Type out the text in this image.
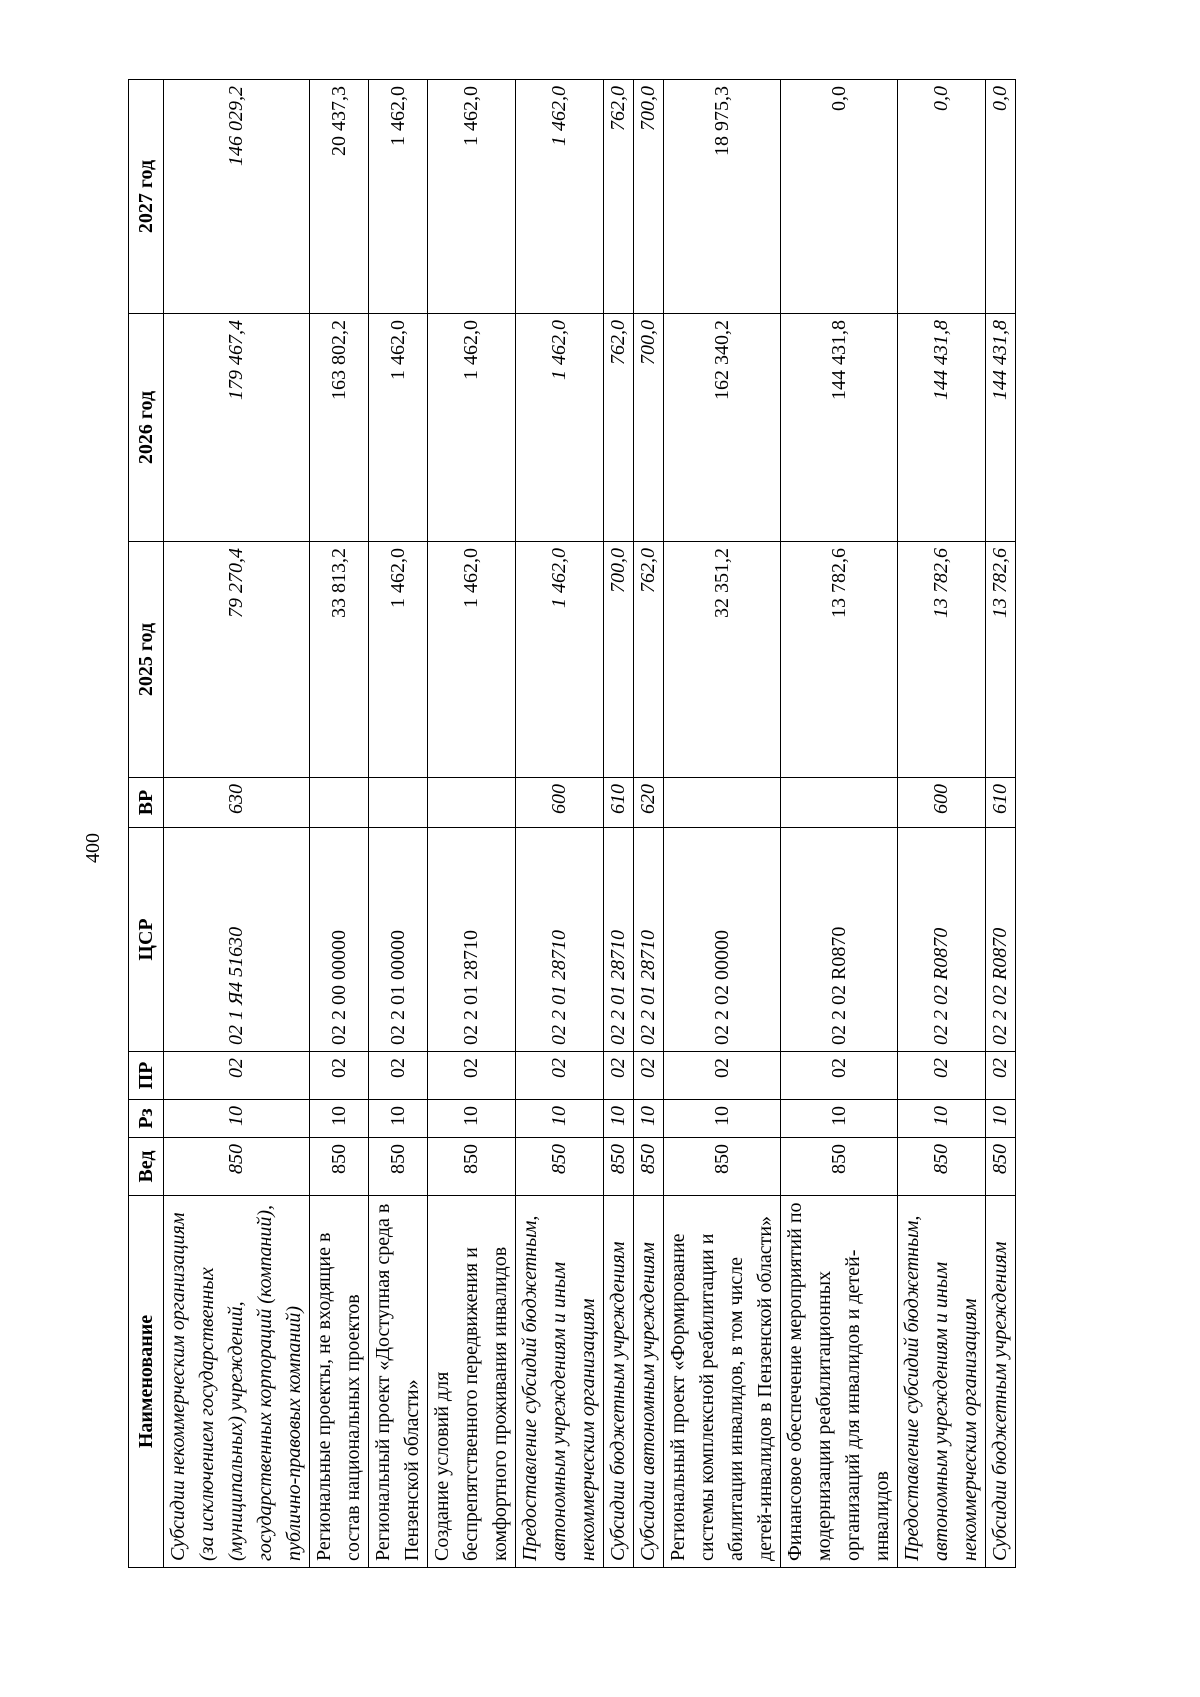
400
Наименование	Вед	Рз	ПР	ЦСР	ВР	2025 год	2026 год	2027 год
Субсидии некоммерческим организациям (за исключением государственных (муниципальных) учреждений, государственных корпораций (компаний), публично-правовых компаний)	850	10	02	02 1 Я4 51630	630	79 270,4	179 467,4	146 029,2
Региональные проекты, не входящие в состав национальных проектов	850	10	02	02 2 00 00000		33 813,2	163 802,2	20 437,3
Региональный проект «Доступная среда в Пензенской области»	850	10	02	02 2 01 00000		1 462,0	1 462,0	1 462,0
Создание условий для беспрепятственного передвижения и комфортного проживания инвалидов	850	10	02	02 2 01 28710		1 462,0	1 462,0	1 462,0
Предоставление субсидий бюджетным, автономным учреждениям и иным некоммерческим организациям	850	10	02	02 2 01 28710	600	1 462,0	1 462,0	1 462,0
Субсидии бюджетным учреждениям	850	10	02	02 2 01 28710	610	700,0	762,0	762,0
Субсидии автономным учреждениям	850	10	02	02 2 01 28710	620	762,0	700,0	700,0
Региональный проект «Формирование системы комплексной реабилитации и абилитации инвалидов, в том числе детей-инвалидов в Пензенской области»	850	10	02	02 2 02 00000		32 351,2	162 340,2	18 975,3
Финансовое обеспечение мероприятий по модернизации реабилитационных организаций для инвалидов и детей-инвалидов	850	10	02	02 2 02 R0870		13 782,6	144 431,8	0,0
Предоставление субсидий бюджетным, автономным учреждениям и иным некоммерческим организациям	850	10	02	02 2 02 R0870	600	13 782,6	144 431,8	0,0
Субсидии бюджетным учреждениям	850	10	02	02 2 02 R0870	610	13 782,6	144 431,8	0,0
